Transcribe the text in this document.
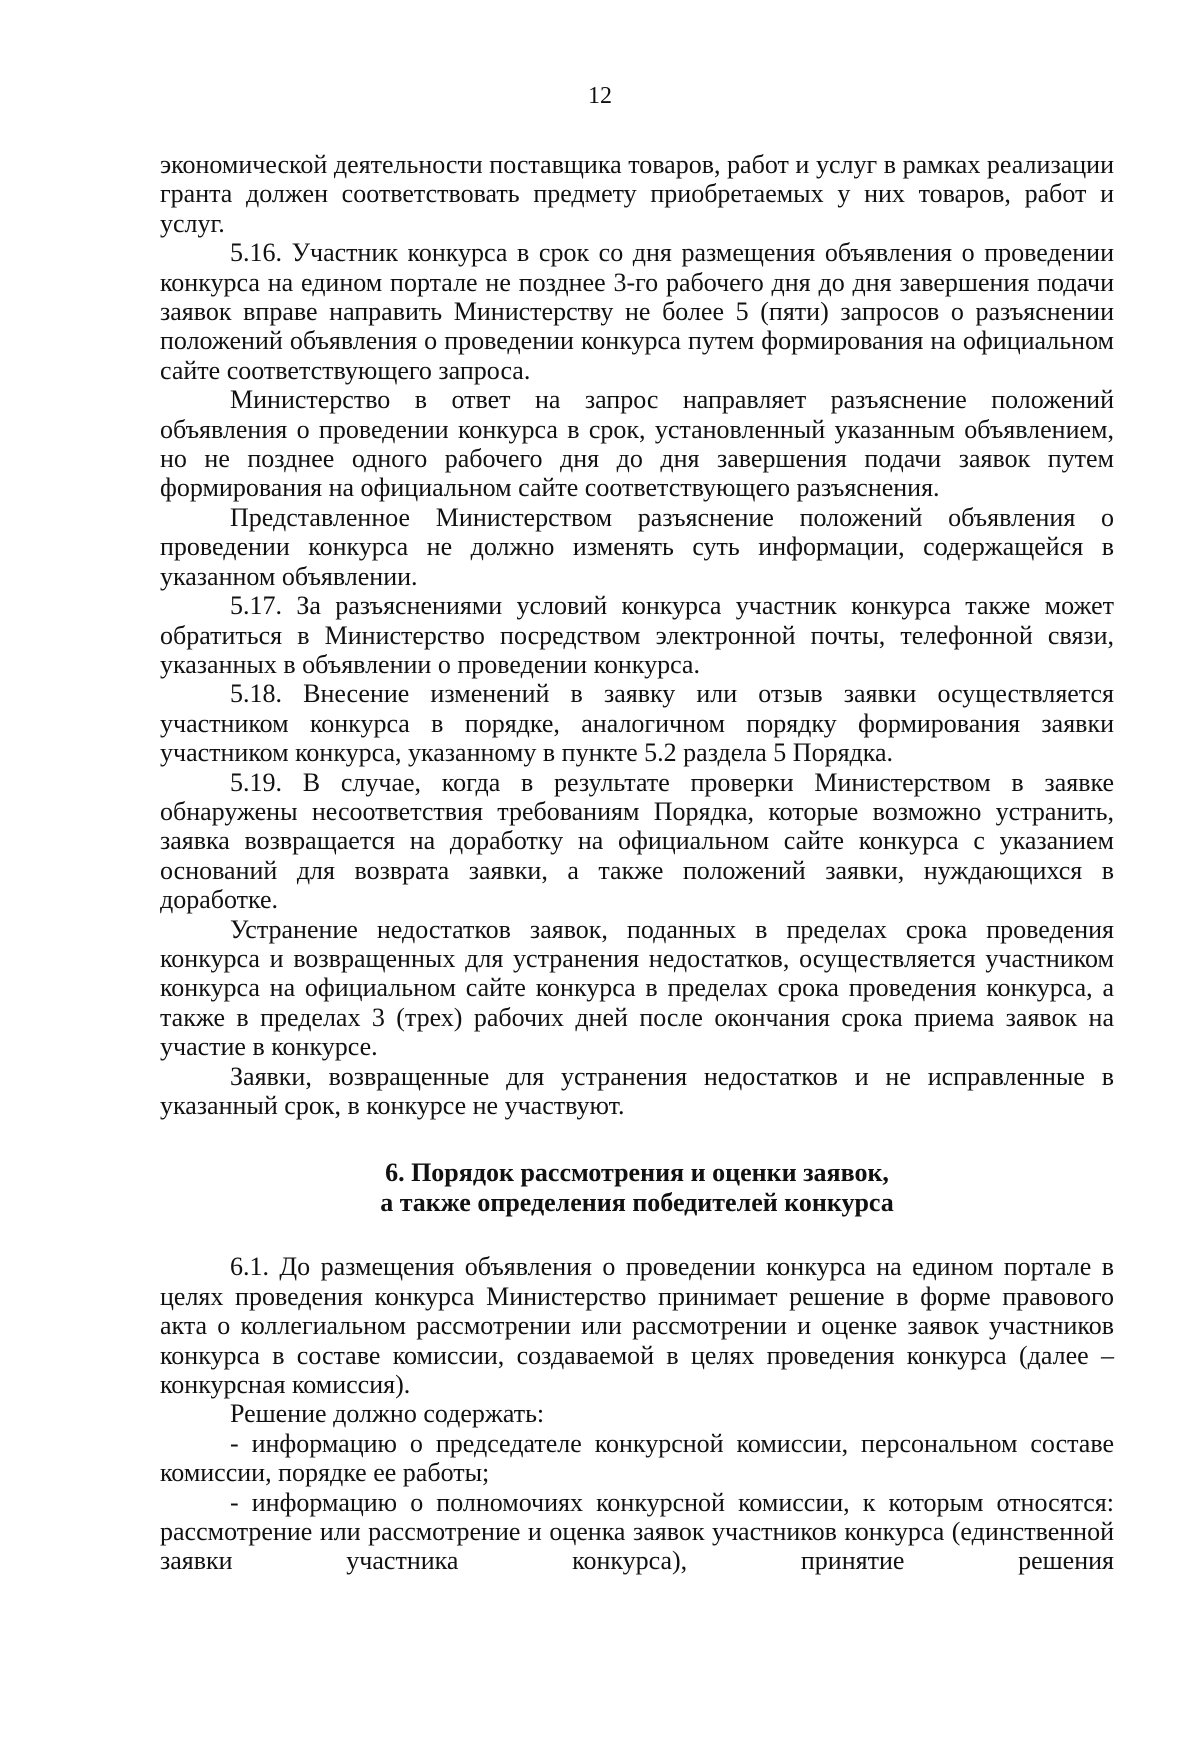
12

экономической деятельности поставщика товаров, работ и услуг в рамках реализации гранта должен соответствовать предмету приобретаемых у них товаров, работ и услуг.

5.16. Участник конкурса в срок со дня размещения объявления о проведении конкурса на едином портале не позднее 3-го рабочего дня до дня завершения подачи заявок вправе направить Министерству не более 5 (пяти) запросов о разъяснении положений объявления о проведении конкурса путем формирования на официальном сайте соответствующего запроса.

Министерство в ответ на запрос направляет разъяснение положений объявления о проведении конкурса в срок, установленный указанным объявлением, но не позднее одного рабочего дня до дня завершения подачи заявок путем формирования на официальном сайте соответствующего разъяснения.

Представленное Министерством разъяснение положений объявления о проведении конкурса не должно изменять суть информации, содержащейся в указанном объявлении.

5.17. За разъяснениями условий конкурса участник конкурса также может обратиться в Министерство посредством электронной почты, телефонной связи, указанных в объявлении о проведении конкурса.

5.18. Внесение изменений в заявку или отзыв заявки осуществляется участником конкурса в порядке, аналогичном порядку формирования заявки участником конкурса, указанному в пункте 5.2 раздела 5 Порядка.

5.19. В случае, когда в результате проверки Министерством в заявке обнаружены несоответствия требованиям Порядка, которые возможно устранить, заявка возвращается на доработку на официальном сайте конкурса с указанием оснований для возврата заявки, а также положений заявки, нуждающихся в доработке.

Устранение недостатков заявок, поданных в пределах срока проведения конкурса и возвращенных для устранения недостатков, осуществляется участником конкурса на официальном сайте конкурса в пределах срока проведения конкурса, а также в пределах 3 (трех) рабочих дней после окончания срока приема заявок на участие в конкурсе.

Заявки, возвращенные для устранения недостатков и не исправленные в указанный срок, в конкурсе не участвуют.

6. Порядок рассмотрения и оценки заявок,
а также определения победителей конкурса

6.1. До размещения объявления о проведении конкурса на едином портале в целях проведения конкурса Министерство принимает решение в форме правового акта о коллегиальном рассмотрении или рассмотрении и оценке заявок участников конкурса в составе комиссии, создаваемой в целях проведения конкурса (далее – конкурсная комиссия).

Решение должно содержать:

- информацию о председателе конкурсной комиссии, персональном составе комиссии, порядке ее работы;

- информацию о полномочиях конкурсной комиссии, к которым относятся: рассмотрение или рассмотрение и оценка заявок участников конкурса (единственной заявки участника конкурса), принятие решения
